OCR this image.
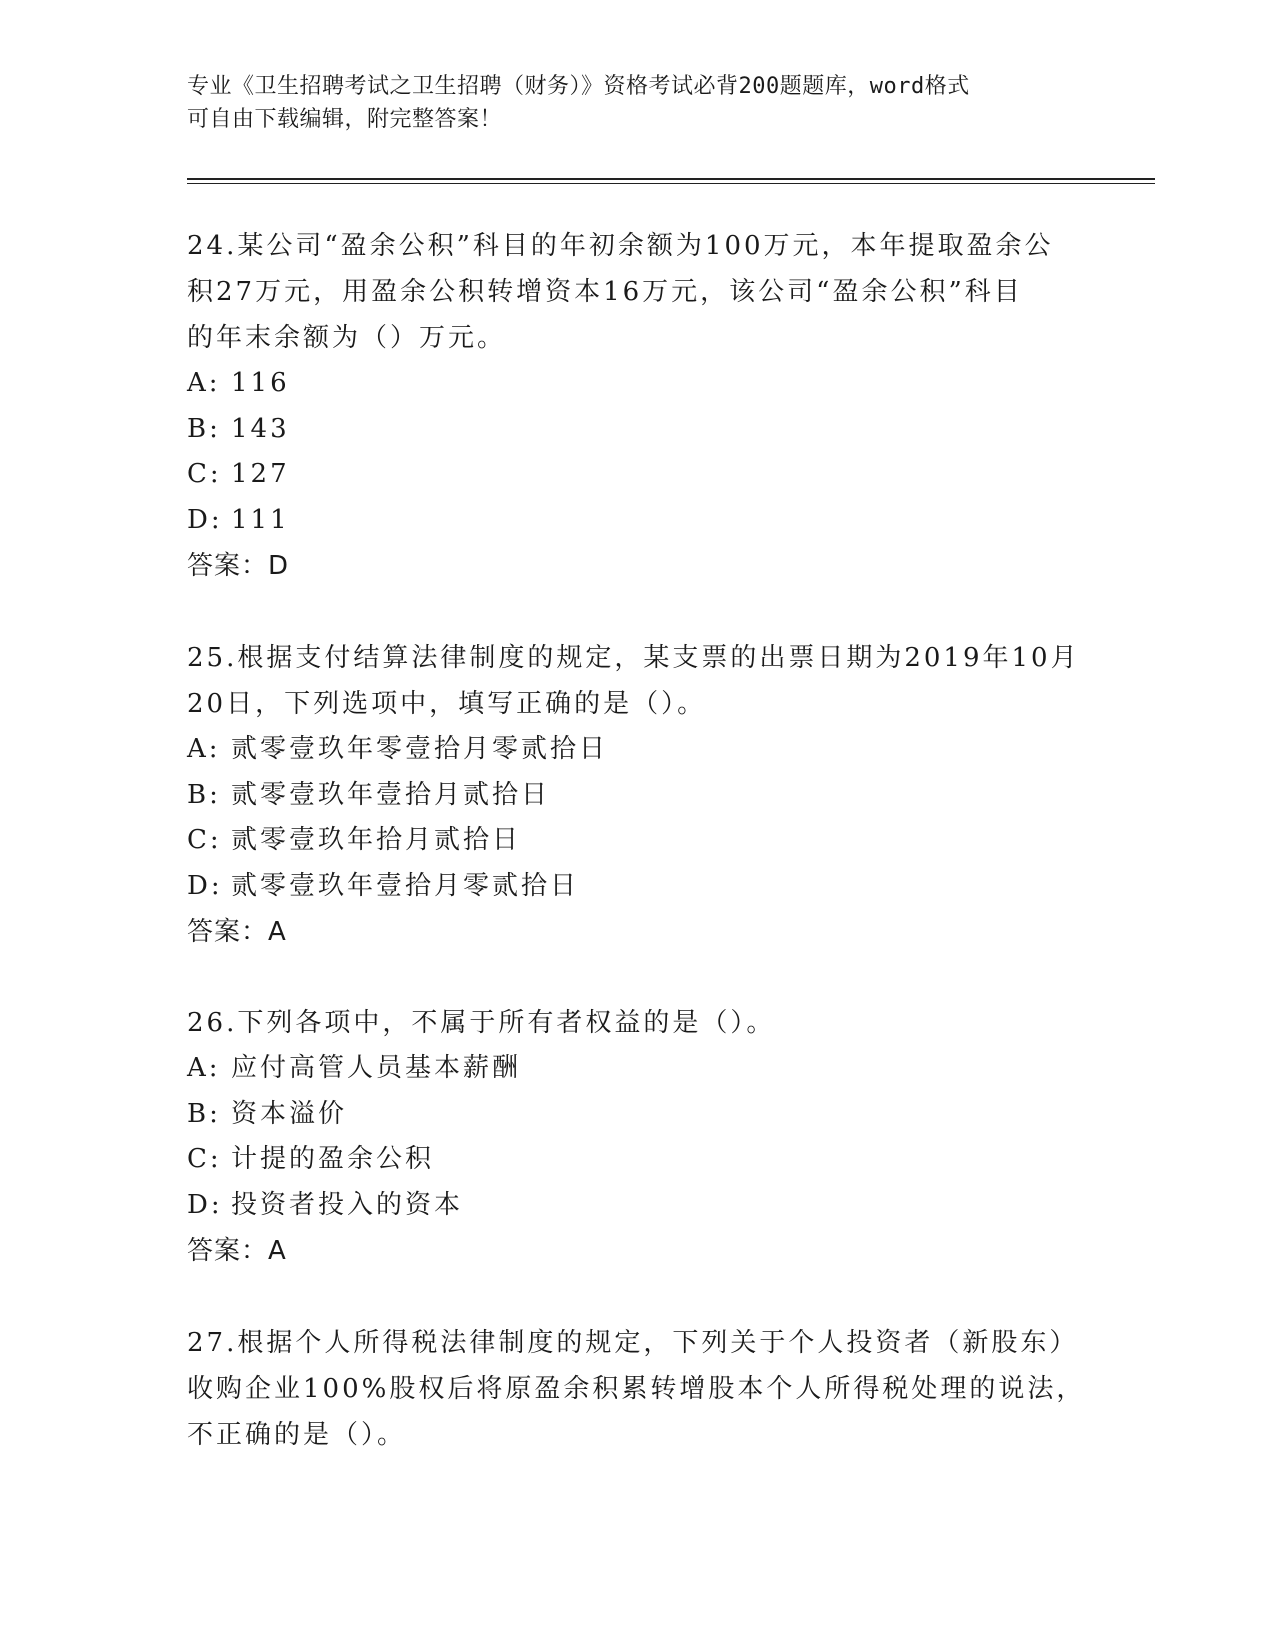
专业《卫生招聘考试之卫生招聘（财务）》资格考试必背200题题库，word格式
可自由下载编辑，附完整答案！
24.某公司“盈余公积”科目的年初余额为100万元，本年提取盈余公
积27万元，用盈余公积转增资本16万元，该公司“盈余公积”科目
的年末余额为（）万元。
A: 116
B: 143
C: 127
D: 111
答案：D
25.根据支付结算法律制度的规定，某支票的出票日期为2019年10月
20日，下列选项中，填写正确的是（）。
A: 贰零壹玖年零壹拾月零贰拾日
B: 贰零壹玖年壹拾月贰拾日
C: 贰零壹玖年拾月贰拾日
D: 贰零壹玖年壹拾月零贰拾日
答案：A
26.下列各项中，不属于所有者权益的是（）。
A: 应付高管人员基本薪酬
B: 资本溢价
C: 计提的盈余公积
D: 投资者投入的资本
答案：A
27.根据个人所得税法律制度的规定，下列关于个人投资者（新股东）
收购企业100%股权后将原盈余积累转增股本个人所得税处理的说法，
不正确的是（）。
